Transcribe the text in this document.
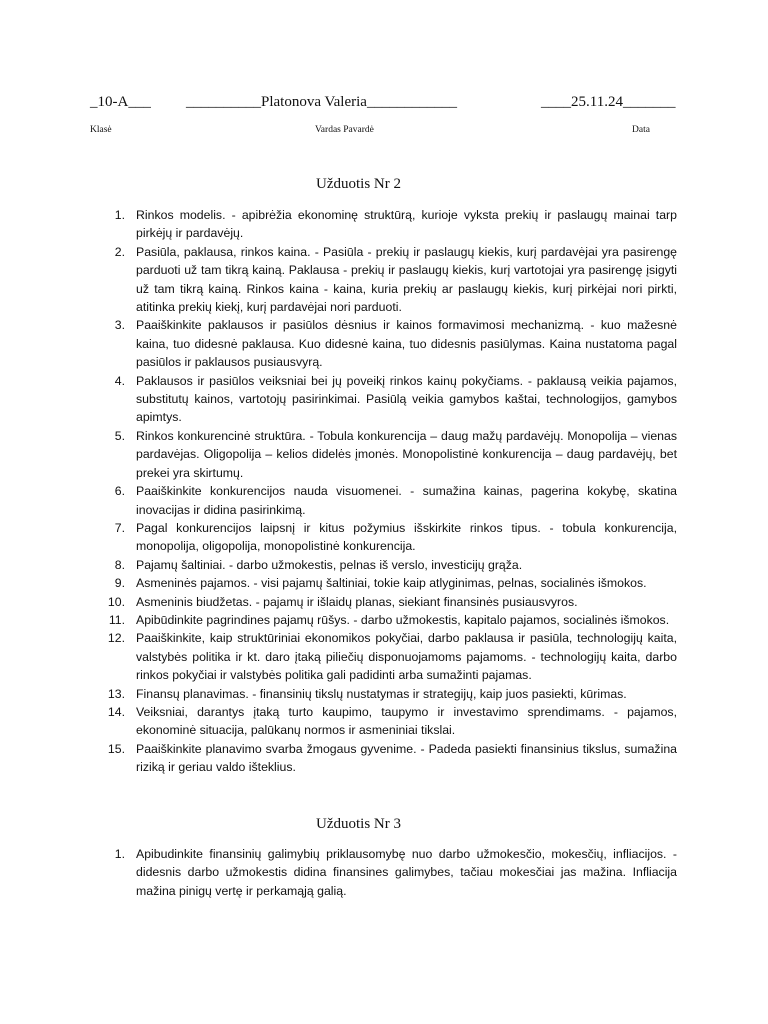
_10-A___ __________Platonova Valeria____________	____25.11.24_______
Klasė	Vardas Pavardė	Data
Užduotis Nr 2
1. Rinkos modelis. - apibrėžia ekonominę struktūrą, kurioje vyksta prekių ir paslaugų mainai tarp pirkėjų ir pardavėjų.
2. Pasiūla, paklausa, rinkos kaina. - Pasiūla - prekių ir paslaugų kiekis, kurį pardavėjai yra pasirengę parduoti už tam tikrą kainą. Paklausa - prekių ir paslaugų kiekis, kurį vartotojai yra pasirengę įsigyti už tam tikrą kainą. Rinkos kaina - kaina, kuria prekių ar paslaugų kiekis, kurį pirkėjai nori pirkti, atitinka prekių kiekį, kurį pardavėjai nori parduoti.
3. Paaiškinkite paklausos ir pasiūlos dėsnius ir kainos formavimosi mechanizmą. - kuo mažesnė kaina, tuo didesnė paklausa. Kuo didesnė kaina, tuo didesnis pasiūlymas. Kaina nustatoma pagal pasiūlos ir paklausos pusiausvyrą.
4. Paklausos ir pasiūlos veiksniai bei jų poveikį rinkos kainų pokyčiams. - paklausą veikia pajamos, substitutų kainos, vartotojų pasirinkimai. Pasiūlą veikia gamybos kaštai, technologijos, gamybos apimtys.
5. Rinkos konkurencinė struktūra. - Tobula konkurencija – daug mažų pardavėjų. Monopolija – vienas pardavėjas. Oligopolija – kelios didelės įmonės. Monopolistinė konkurencija – daug pardavėjų, bet prekei yra skirtumų.
6. Paaiškinkite konkurencijos nauda visuomenei. - sumažina kainas, pagerina kokybę, skatina inovacijas ir didina pasirinkimą.
7. Pagal konkurencijos laipsnį ir kitus požymius išskirkite rinkos tipus. - tobula konkurencija, monopolija, oligopolija, monopolistinė konkurencija.
8. Pajamų šaltiniai. - darbo užmokestis, pelnas iš verslo, investicijų grąža.
9. Asmeninės pajamos. - visi pajamų šaltiniai, tokie kaip atlyginimas, pelnas, socialinės išmokos.
10. Asmeninis biudžetas. - pajamų ir išlaidų planas, siekiant finansinės pusiausvyros.
11. Apibūdinkite pagrindines pajamų rūšys. - darbo užmokestis, kapitalo pajamos, socialinės išmokos.
12. Paaiškinkite, kaip struktūriniai ekonomikos pokyčiai, darbo paklausa ir pasiūla, technologijų kaita, valstybės politika ir kt. daro įtaką piliečių disponuojamoms pajamoms. - technologijų kaita, darbo rinkos pokyčiai ir valstybės politika gali padidinti arba sumažinti pajamas.
13. Finansų planavimas. - finansinių tikslų nustatymas ir strategijų, kaip juos pasiekti, kūrimas.
14. Veiksniai, darantys įtaką turto kaupimo, taupymo ir investavimo sprendimams. - pajamos, ekonominė situacija, palūkanų normos ir asmeniniai tikslai.
15. Paaiškinkite planavimo svarba žmogaus gyvenime. - Padeda pasiekti finansinius tikslus, sumažina riziką ir geriau valdo išteklius.
Užduotis Nr 3
1. Apibudinkite finansinių galimybių priklausomybę nuo darbo užmokesčio, mokesčių, infliacijos. - didesnis darbo užmokestis didina finansines galimybes, tačiau mokesčiai jas mažina. Infliacija mažina pinigų vertę ir perkamąją galią.
